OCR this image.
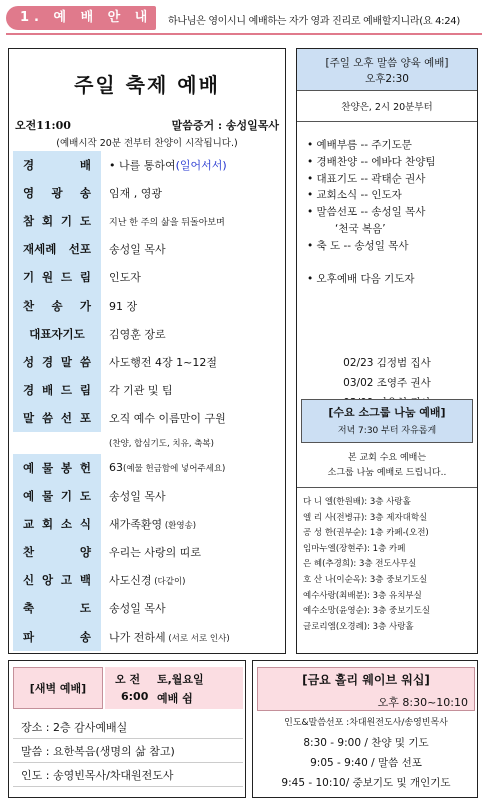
1. 예 배 안 내	하나님은 영이시니 예배하는 자가 영과 진리로 예배할지니라(요 4:24)
주일 축제 예배
오전11:00	말씀증거 : 송성일목사
(예배시작 20분 전부터 찬양이 시작됩니다.)
경	배	• 나를 통하여(일어서서)
영 광 송	임재 , 영광
참 회 기 도	지난 한 주의 삶을 뒤돌아보며
재세례 선포	송성일 목사
기 원 드 림	인도자
찬 송 가	91 장
대표자기도	김영훈 장로
성 경 말 씀	사도행전 4장 1~12절
경 배 드 림	각 기관 및 팀
말 씀 선 포	오직 예수 이름만이 구원
(찬양, 합심기도, 치유, 축복)
예 물 봉 헌	63(예물 헌금함에 넣어주세요)
예 물 기 도	송성일 목사
교 회 소 식	새가족환영 (환영송)
찬	양	우리는 사랑의 띠로
신 앙 고 백	사도신경 (다같이)
축	도	송성일 목사
파	송	나가 전하세 (서로 서로 인사)
[주일 오후 말씀 양육 예배]
오후2:30
찬양은, 2시 20분부터
• 예배부름 -- 주기도문
• 경배찬양 -- 에바다 찬양팀
• 대표기도 -- 곽태순 권사
• 교회소식 -- 인도자
• 말씀선포 -- 송성일 목사
‘천국 복음’
• 축 도 -- 송성일 목사
• 오후예배 다음 기도자
02/23 김정범 집사
03/02 조영주 권사
[수요 소그룹 나눔 예배]
저녁 7:30 부터 자유롭게
본 교회 수요 예배는
소그룹 나눔 예배로 드립니다..
다 니 엘(한원배): 3층 사랑홀
엘 리 사(전병규): 3층 제자대학실
공 성 한(권부순): 1층 카페-(오전)
임마누엘(장현주): 1층 카페
은 혜(추경희): 3층 전도사무실
호 산 나(이순옥): 3층 중보기도실
예수사랑(최배분): 3층 유치부실
예수소망(윤영순): 3층 중보기도실
글로리엠(오경례): 3층 사랑홀
[새벽 예배]
오 전 토,월요일
6:00 예배 쉼
장소 : 2층 감사예배실
말씀 : 요한복음(생명의 삶 참고)
인도 : 송영빈목사/차대원전도사
[금요 홀리 웨이브 워십]
오후 8:30~10:10
인도&말씀선포 :차대원전도사/송영빈목사
8:30 - 9:00 / 찬양 및 기도
9:05 - 9:40 / 말씀 선포
9:45 - 10:10/ 중보기도 및 개인기도
